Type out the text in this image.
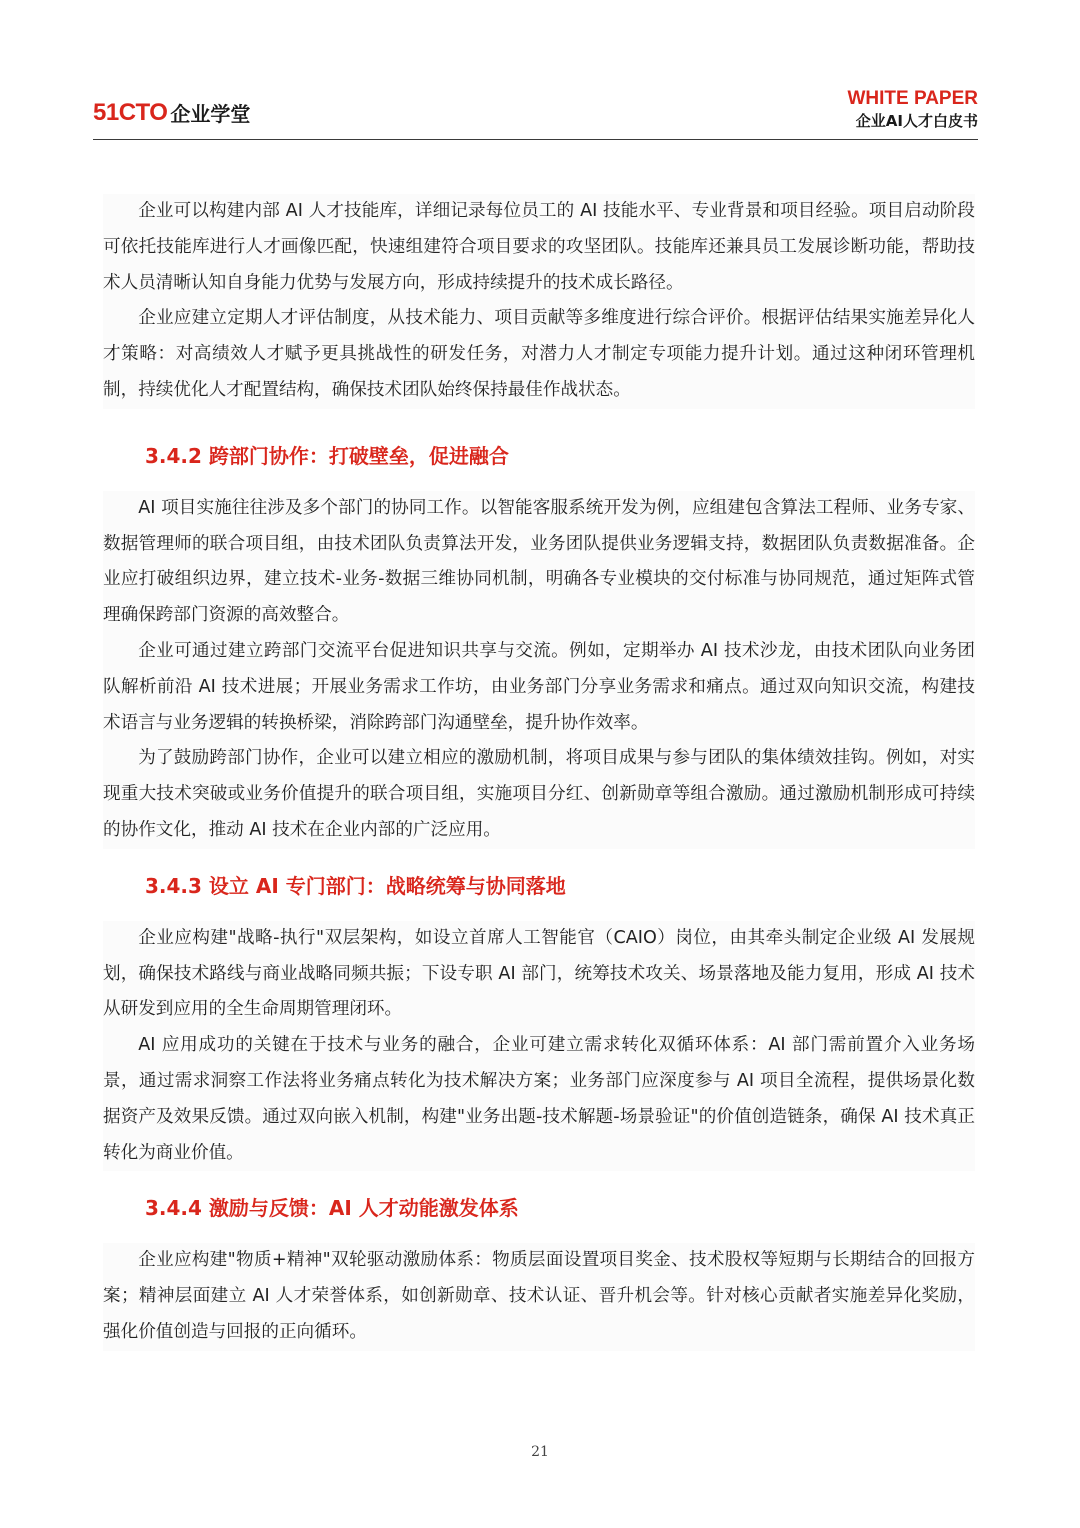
51CTO 企业学堂
WHITE PAPER
企业AI人才白皮书

企业可以构建内部 AI 人才技能库，详细记录每位员工的 AI 技能水平、专业背景和项目经验。项目启动阶段可依托技能库进行人才画像匹配，快速组建符合项目要求的攻坚团队。技能库还兼具员工发展诊断功能，帮助技术人员清晰认知自身能力优势与发展方向，形成持续提升的技术成长路径。

企业应建立定期人才评估制度，从技术能力、项目贡献等多维度进行综合评价。根据评估结果实施差异化人才策略：对高绩效人才赋予更具挑战性的研发任务，对潜力人才制定专项能力提升计划。通过这种闭环管理机制，持续优化人才配置结构，确保技术团队始终保持最佳作战状态。

3.4.2 跨部门协作：打破壁垒，促进融合

AI 项目实施往往涉及多个部门的协同工作。以智能客服系统开发为例，应组建包含算法工程师、业务专家、数据管理师的联合项目组，由技术团队负责算法开发，业务团队提供业务逻辑支持，数据团队负责数据准备。企业应打破组织边界，建立技术-业务-数据三维协同机制，明确各专业模块的交付标准与协同规范，通过矩阵式管理确保跨部门资源的高效整合。

企业可通过建立跨部门交流平台促进知识共享与交流。例如，定期举办 AI 技术沙龙，由技术团队向业务团队解析前沿 AI 技术进展；开展业务需求工作坊，由业务部门分享业务需求和痛点。通过双向知识交流，构建技术语言与业务逻辑的转换桥梁，消除跨部门沟通壁垒，提升协作效率。

为了鼓励跨部门协作，企业可以建立相应的激励机制，将项目成果与参与团队的集体绩效挂钩。例如，对实现重大技术突破或业务价值提升的联合项目组，实施项目分红、创新勋章等组合激励。通过激励机制形成可持续的协作文化，推动 AI 技术在企业内部的广泛应用。

3.4.3 设立 AI 专门部门：战略统筹与协同落地

企业应构建"战略-执行"双层架构，如设立首席人工智能官（CAIO）岗位，由其牵头制定企业级 AI 发展规划，确保技术路线与商业战略同频共振；下设专职 AI 部门，统筹技术攻关、场景落地及能力复用，形成 AI 技术从研发到应用的全生命周期管理闭环。

AI 应用成功的关键在于技术与业务的融合，企业可建立需求转化双循环体系：AI 部门需前置介入业务场景，通过需求洞察工作法将业务痛点转化为技术解决方案；业务部门应深度参与 AI 项目全流程，提供场景化数据资产及效果反馈。通过双向嵌入机制，构建"业务出题-技术解题-场景验证"的价值创造链条，确保 AI 技术真正转化为商业价值。

3.4.4 激励与反馈：AI 人才动能激发体系

企业应构建"物质+精神"双轮驱动激励体系：物质层面设置项目奖金、技术股权等短期与长期结合的回报方案；精神层面建立 AI 人才荣誉体系，如创新勋章、技术认证、晋升机会等。针对核心贡献者实施差异化奖励，强化价值创造与回报的正向循环。

21
